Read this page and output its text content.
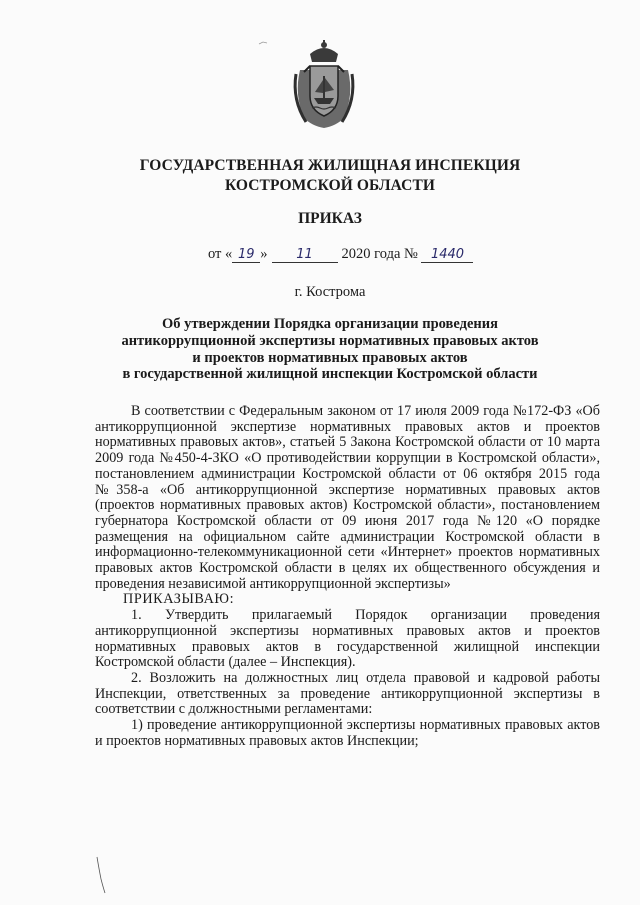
ГОСУДАРСТВЕННАЯ ЖИЛИЩНАЯ ИНСПЕКЦИЯ
КОСТРОМСКОЙ ОБЛАСТИ
ПРИКАЗ
от « 19 » 11 2020 года № 1440
г. Кострома
Об утверждении Порядка организации проведения
антикоррупционной экспертизы нормативных правовых актов
и проектов нормативных правовых актов
в государственной жилищной инспекции Костромской области

В соответствии с Федеральным законом от 17 июля 2009 года №172-ФЗ «Об антикоррупционной экспертизе нормативных правовых актов и проектов нормативных правовых актов», статьей 5 Закона Костромской области от 10 марта 2009 года №450-4-ЗКО «О противодействии коррупции в Костромской области», постановлением администрации Костромской области от 06 октября 2015 года №358-а «Об антикоррупционной экспертизе нормативных правовых актов (проектов нормативных правовых актов) Костромской области», постановлением губернатора Костромской области от 09 июня 2017 года №120 «О порядке размещения на официальном сайте администрации Костромской области в информационно-телекоммуникационной сети «Интернет» проектов нормативных правовых актов Костромской области в целях их общественного обсуждения и проведения независимой антикоррупционной экспертизы»

ПРИКАЗЫВАЮ:

1. Утвердить прилагаемый Порядок организации проведения антикоррупционной экспертизы нормативных правовых актов и проектов нормативных правовых актов в государственной жилищной инспекции Костромской области (далее – Инспекция).

2. Возложить на должностных лиц отдела правовой и кадровой работы Инспекции, ответственных за проведение антикоррупционной экспертизы в соответствии с должностными регламентами:

1) проведение антикоррупционной экспертизы нормативных правовых актов и проектов нормативных правовых актов Инспекции;
